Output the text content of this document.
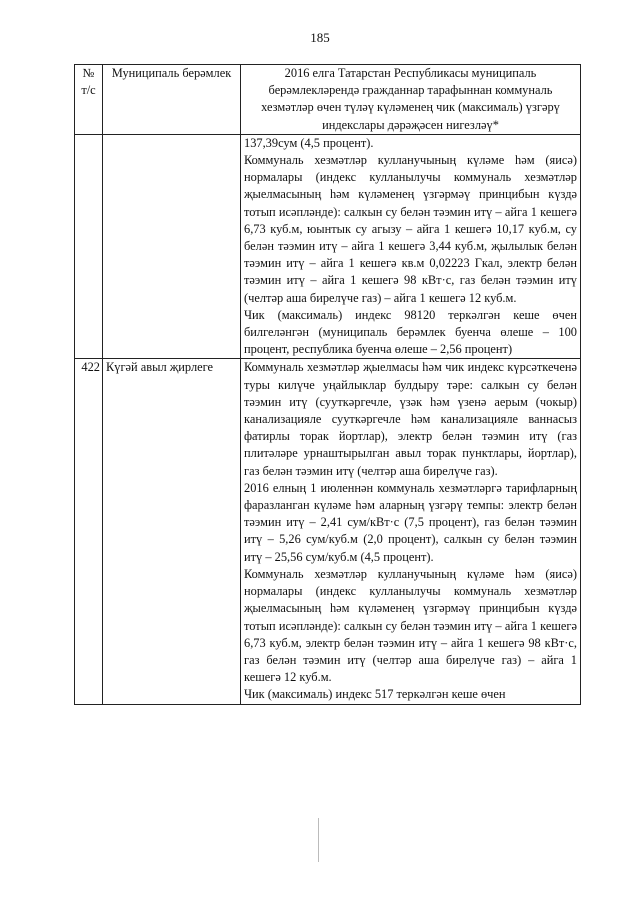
185
№ т/с	Муниципаль берәмлек	2016 елга Татарстан Республикасы муниципаль берәмлекләрендә гражданнар тарафыннан коммуналь хезмәтләр өчен түләү күләменең чик (максималь) үзгәрү индекслары дәрәҗәсен нигезләү*

		137,39сум (4,5 процент).
Коммуналь хезмәтләр кулланучының күләме һәм (яисә) нормалары (индекс кулланылучы коммуналь хезмәтләр җыелмасының һәм күләменең үзгәрмәү принцибын күздә тотып исәпләнде): салкын су белән тәэмин итү – айга 1 кешегә 6,73 куб.м, юынтык су агызу – айга 1 кешегә 10,17 куб.м, су белән тәэмин итү – айга 1 кешегә 3,44 куб.м, җылылык белән тәэмин итү – айга 1 кешегә кв.м 0,02223 Гкал, электр белән тәэмин итү – айга 1 кешегә 98 кВт·с, газ белән тәэмин итү (челтәр аша бирелүче газ) – айга 1 кешегә 12 куб.м.
Чик (максималь) индекс 98120 теркәлгән кеше өчен билгеләнгән (муниципаль берәмлек буенча өлеше – 100 процент, республика буенча өлеше – 2,56 процент)

422	Күгәй авыл җирлеге	Коммуналь хезмәтләр җыелмасы һәм чик индекс күрсәткеченә туры килүче уңайлыклар булдыру тәре: салкын су белән тәэмин итү (сууткәргечле, үзәк һәм үзенә аерым (чокыр) канализацияле сууткәргечле һәм канализацияле ваннасыз фатирлы торак йортлар), электр белән тәэмин итү (газ плитәләре урнаштырылган авыл торак пунктлары, йортлар), газ белән тәэмин итү (челтәр аша бирелүче газ).
2016 елның 1 июленнән коммуналь хезмәтләргә тарифларның фаразланган күләме һәм аларның үзгәрү темпы: электр белән тәэмин итү – 2,41 сум/кВт·с (7,5 процент), газ белән тәэмин итү – 5,26 сум/куб.м (2,0 процент), салкын су белән тәэмин итү – 25,56 сум/куб.м (4,5 процент).
Коммуналь хезмәтләр кулланучының күләме һәм (яисә) нормалары (индекс кулланылучы коммуналь хезмәтләр җыелмасының һәм күләменең үзгәрмәү принцибын күздә тотып исәпләнде): салкын су белән тәэмин итү – айга 1 кешегә 6,73 куб.м, электр белән тәэмин итү – айга 1 кешегә 98 кВт·с, газ белән тәэмин итү (челтәр аша бирелүче газ) – айга 1 кешегә 12 куб.м.
Чик (максималь) индекс 517 теркәлгән кеше өчен
